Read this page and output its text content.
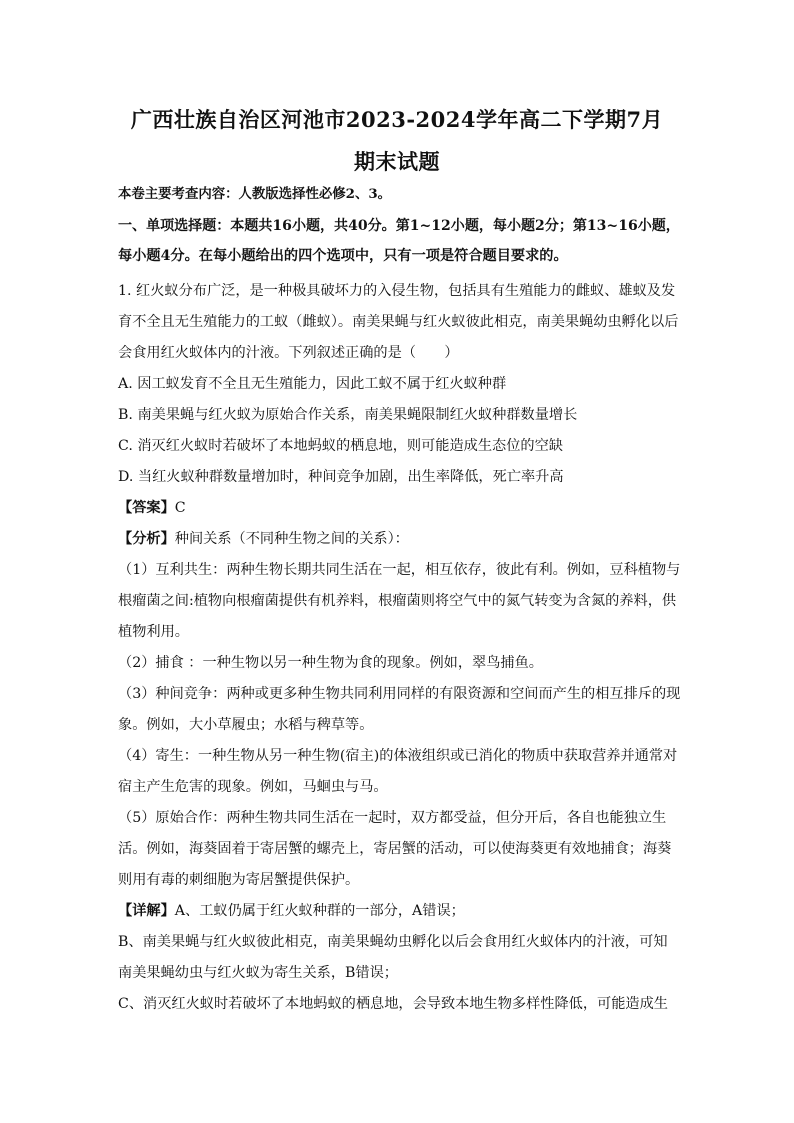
广西壮族自治区河池市2023-2024学年高二下学期7月
期末试题
本卷主要考查内容：人教版选择性必修2、3。
一、单项选择题：本题共16小题，共40分。第1~12小题，每小题2分；第13~16小题，
每小题4分。在每小题给出的四个选项中，只有一项是符合题目要求的。
1. 红火蚁分布广泛，是一种极具破坏力的入侵生物，包括具有生殖能力的雌蚁、雄蚁及发
育不全且无生殖能力的工蚁（雌蚁）。南美果蝇与红火蚁彼此相克，南美果蝇幼虫孵化以后
会食用红火蚁体内的汁液。下列叙述正确的是（　　）
A. 因工蚁发育不全且无生殖能力，因此工蚁不属于红火蚁种群
B. 南美果蝇与红火蚁为原始合作关系，南美果蝇限制红火蚁种群数量增长
C. 消灭红火蚁时若破坏了本地蚂蚁的栖息地，则可能造成生态位的空缺
D. 当红火蚁种群数量增加时，种间竞争加剧，出生率降低，死亡率升高
【答案】C
【分析】种间关系（不同种生物之间的关系）：
（1）互利共生：两种生物长期共同生活在一起，相互依存，彼此有利。例如，豆科植物与
根瘤菌之间:植物向根瘤菌提供有机养料，根瘤菌则将空气中的氮气转变为含氮的养料，供
植物利用。
（2）捕食 ：一种生物以另一种生物为食的现象。例如，翠鸟捕鱼。
（3）种间竞争：两种或更多种生物共同利用同样的有限资源和空间而产生的相互排斥的现
象。例如，大小草履虫；水稻与稗草等。
（4）寄生：一种生物从另一种生物(宿主)的体液组织或已消化的物质中获取营养并通常对
宿主产生危害的现象。例如，马蛔虫与马。
（5）原始合作：两种生物共同生活在一起时，双方都受益，但分开后，各自也能独立生
活。例如，海葵固着于寄居蟹的螺壳上，寄居蟹的活动，可以使海葵更有效地捕食；海葵
则用有毒的刺细胞为寄居蟹提供保护。
【详解】A、工蚁仍属于红火蚁种群的一部分，A错误；
B、南美果蝇与红火蚁彼此相克，南美果蝇幼虫孵化以后会食用红火蚁体内的汁液，可知
南美果蝇幼虫与红火蚁为寄生关系，B错误；
C、消灭红火蚁时若破坏了本地蚂蚁的栖息地，会导致本地生物多样性降低，可能造成生
